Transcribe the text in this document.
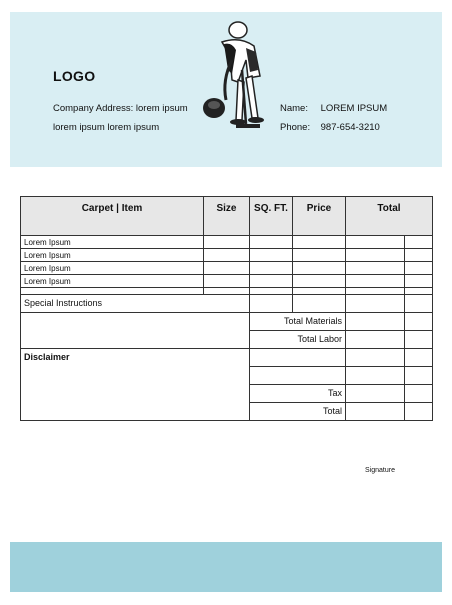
LOGO
Company Address: lorem ipsum
lorem ipsum lorem ipsum
Name: LOREM IPSUM
Phone: 987-654-3210
Carpet | Item	Size	SQ. FT.	Price	Total	
Lorem Ipsum					
Lorem Ipsum					
Lorem Ipsum					
Lorem Ipsum					

Special Instructions					
		Total Materials			
		Total Labor			
Disclaimer					

		Tax			
		Total			
Signature
